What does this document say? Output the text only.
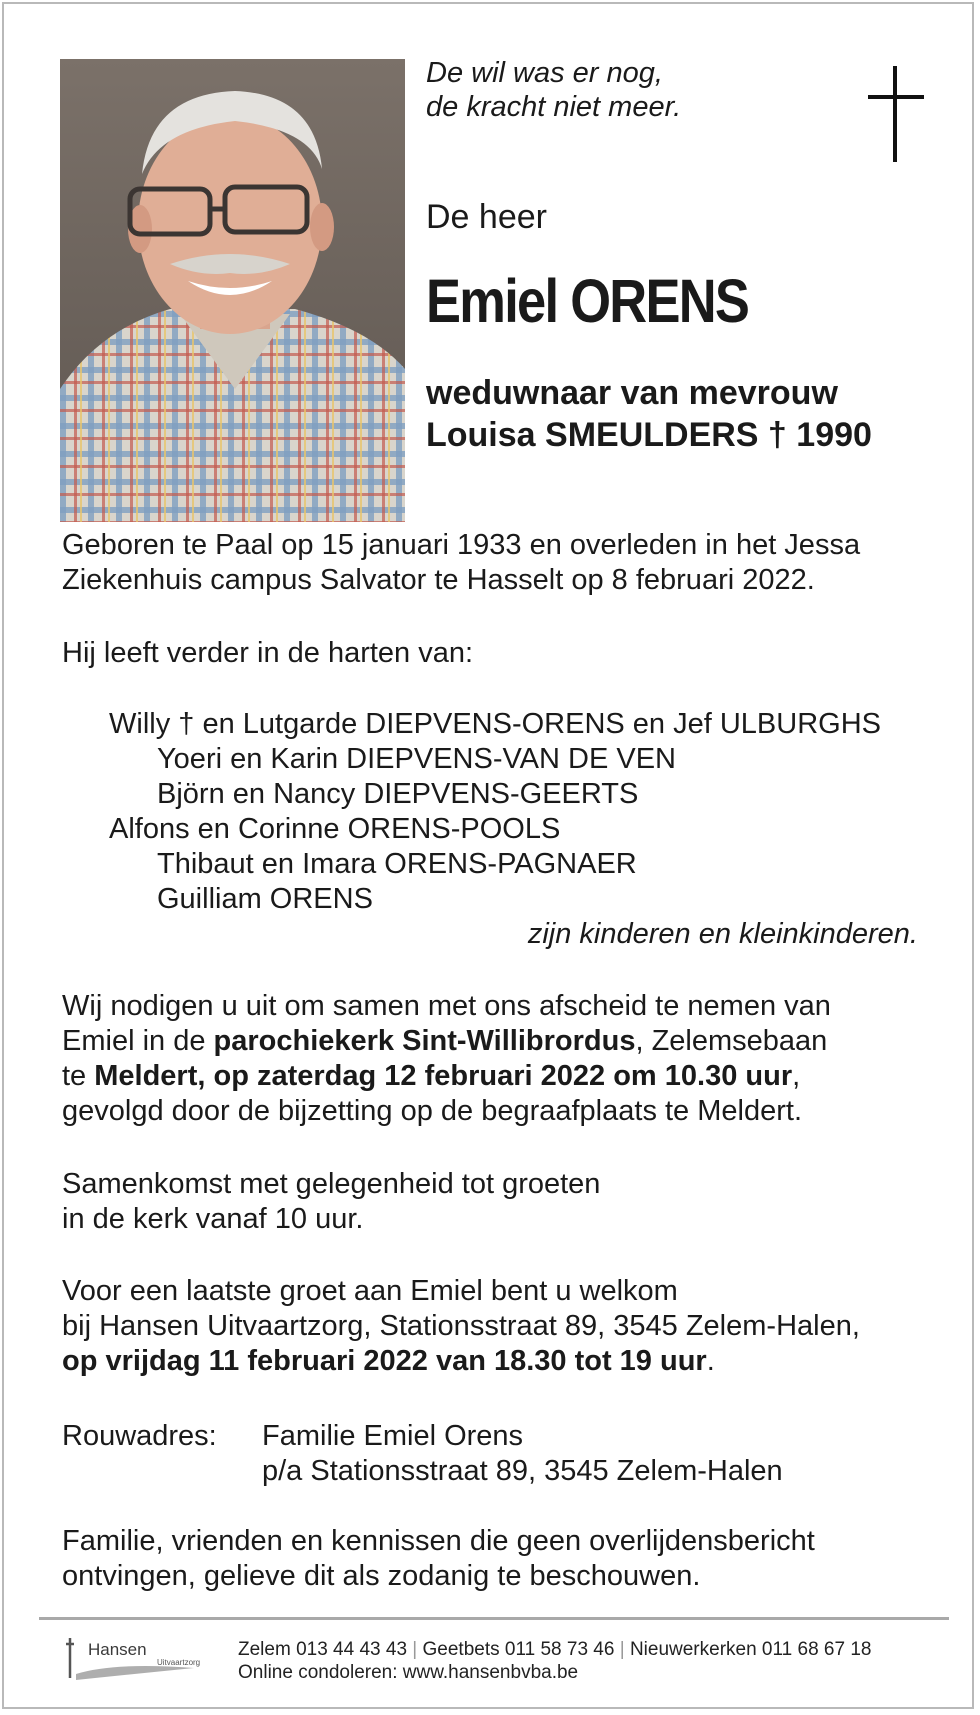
De wil was er nog,
de kracht niet meer.
De heer
Emiel ORENS
weduwnaar van mevrouw
Louisa SMEULDERS † 1990
Geboren te Paal op 15 januari 1933 en overleden in het Jessa
Ziekenhuis campus Salvator te Hasselt op 8 februari 2022.
Hij leeft verder in de harten van:
Willy † en Lutgarde DIEPVENS-ORENS en Jef ULBURGHS
Yoeri en Karin DIEPVENS-VAN DE VEN
Björn en Nancy DIEPVENS-GEERTS
Alfons en Corinne ORENS-POOLS
Thibaut en Imara ORENS-PAGNAER
Guilliam ORENS
zijn kinderen en kleinkinderen.
Wij nodigen u uit om samen met ons afscheid te nemen van
Emiel in de parochiekerk Sint-Willibrordus, Zelemsebaan
te Meldert, op zaterdag 12 februari 2022 om 10.30 uur,
gevolgd door de bijzetting op de begraafplaats te Meldert.
Samenkomst met gelegenheid tot groeten
in de kerk vanaf 10 uur.
Voor een laatste groet aan Emiel bent u welkom
bij Hansen Uitvaartzorg, Stationsstraat 89, 3545 Zelem-Halen,
op vrijdag 11 februari 2022 van 18.30 tot 19 uur.
Rouwadres: Familie Emiel Orens
p/a Stationsstraat 89, 3545 Zelem-Halen
Familie, vrienden en kennissen die geen overlijdensbericht
ontvingen, gelieve dit als zodanig te beschouwen.
Hansen
Uitvaartzorg
Zelem 013 44 43 43 | Geetbets 011 58 73 46 | Nieuwerkerken 011 68 67 18
Online condoleren: www.hansenbvba.be
